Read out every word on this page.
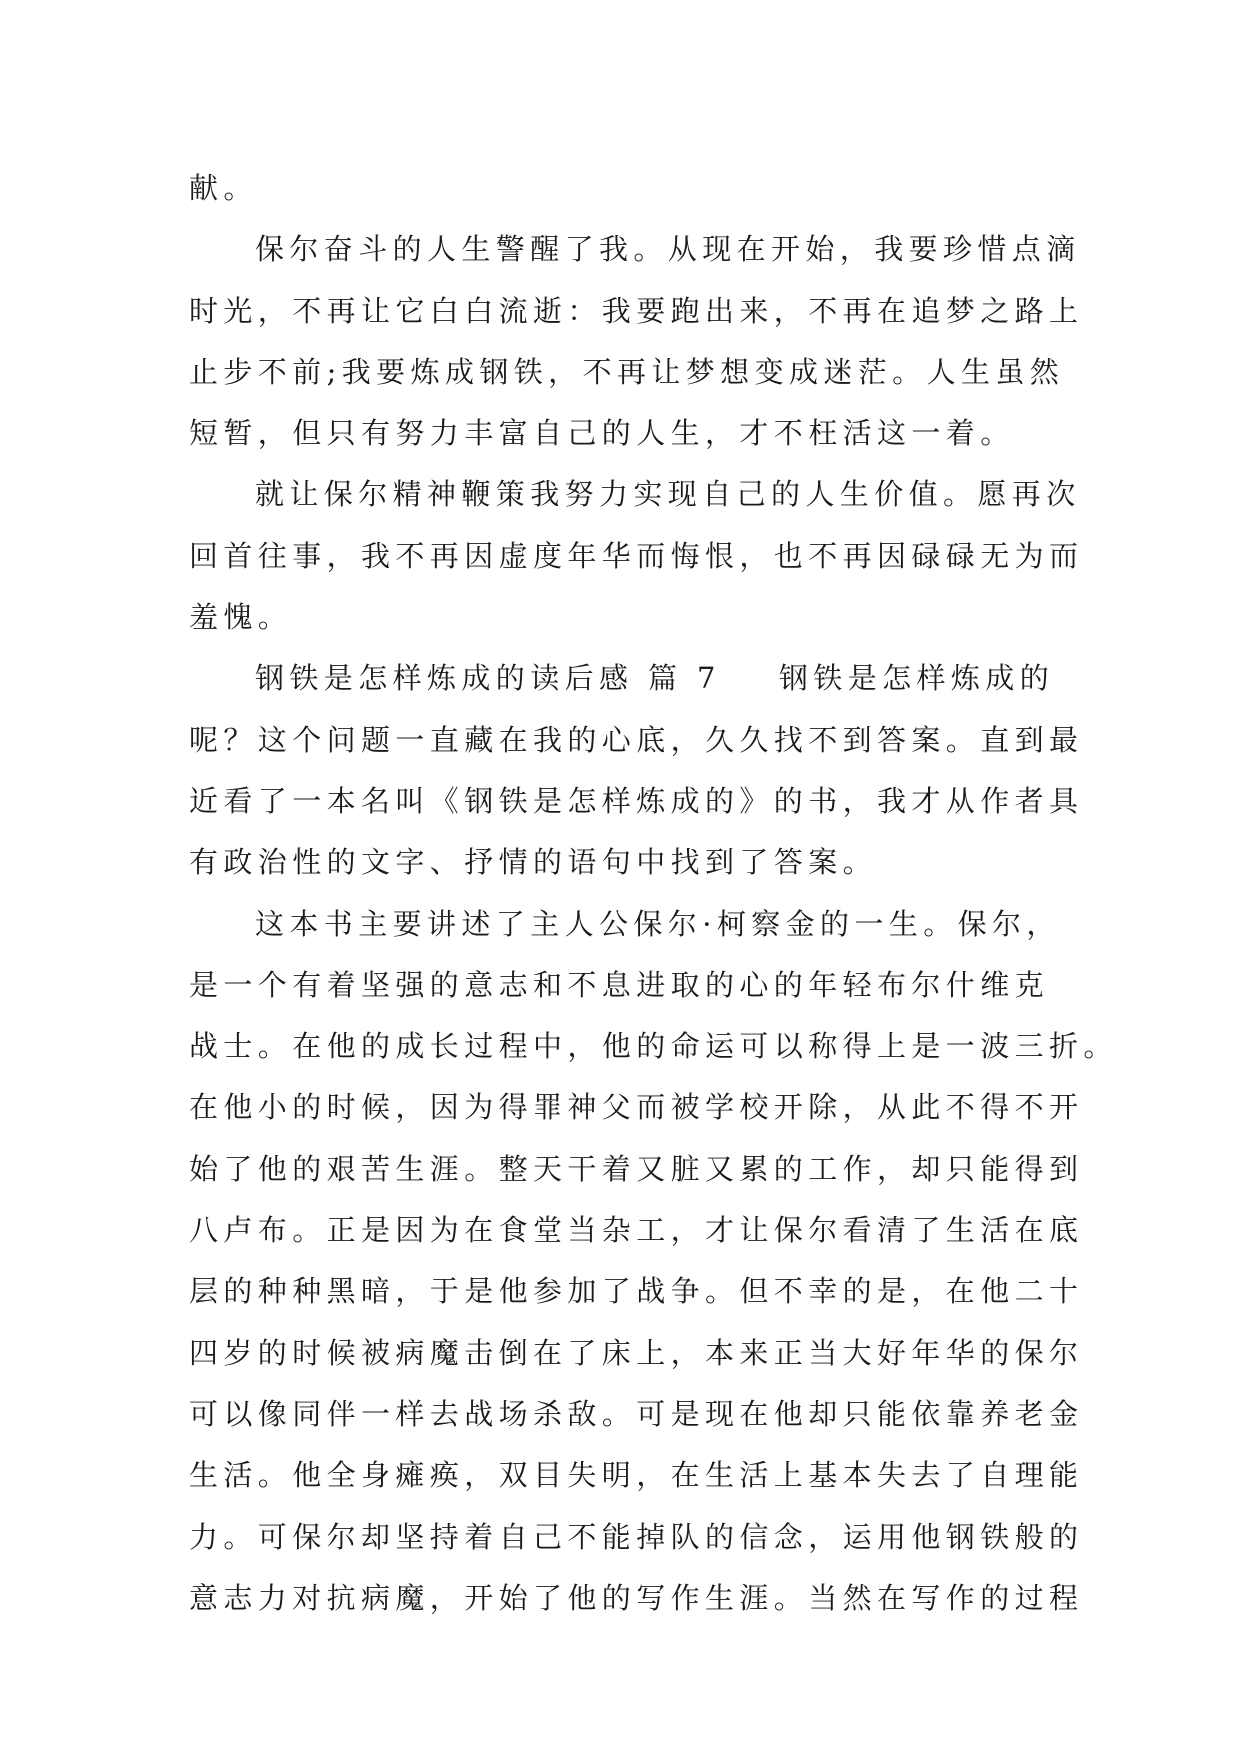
献。
保尔奋斗的人生警醒了我。从现在开始，我要珍惜点滴
时光，不再让它白白流逝：我要跑出来，不再在追梦之路上
止步不前;我要炼成钢铁，不再让梦想变成迷茫。人生虽然
短暂，但只有努力丰富自己的人生，才不枉活这一着。
就让保尔精神鞭策我努力实现自己的人生价值。愿再次
回首往事，我不再因虚度年华而悔恨，也不再因碌碌无为而
羞愧。
钢铁是怎样炼成的读后感 篇 7 钢铁是怎样炼成的
呢？这个问题一直藏在我的心底，久久找不到答案。直到最
近看了一本名叫《钢铁是怎样炼成的》的书，我才从作者具
有政治性的文字、抒情的语句中找到了答案。
这本书主要讲述了主人公保尔·柯察金的一生。保尔，
是一个有着坚强的意志和不息进取的心的年轻布尔什维克
战士。在他的成长过程中，他的命运可以称得上是一波三折。
在他小的时候，因为得罪神父而被学校开除，从此不得不开
始了他的艰苦生涯。整天干着又脏又累的工作，却只能得到
八卢布。正是因为在食堂当杂工，才让保尔看清了生活在底
层的种种黑暗，于是他参加了战争。但不幸的是，在他二十
四岁的时候被病魔击倒在了床上，本来正当大好年华的保尔
可以像同伴一样去战场杀敌。可是现在他却只能依靠养老金
生活。他全身瘫痪，双目失明，在生活上基本失去了自理能
力。可保尔却坚持着自己不能掉队的信念，运用他钢铁般的
意志力对抗病魔，开始了他的写作生涯。当然在写作的过程
